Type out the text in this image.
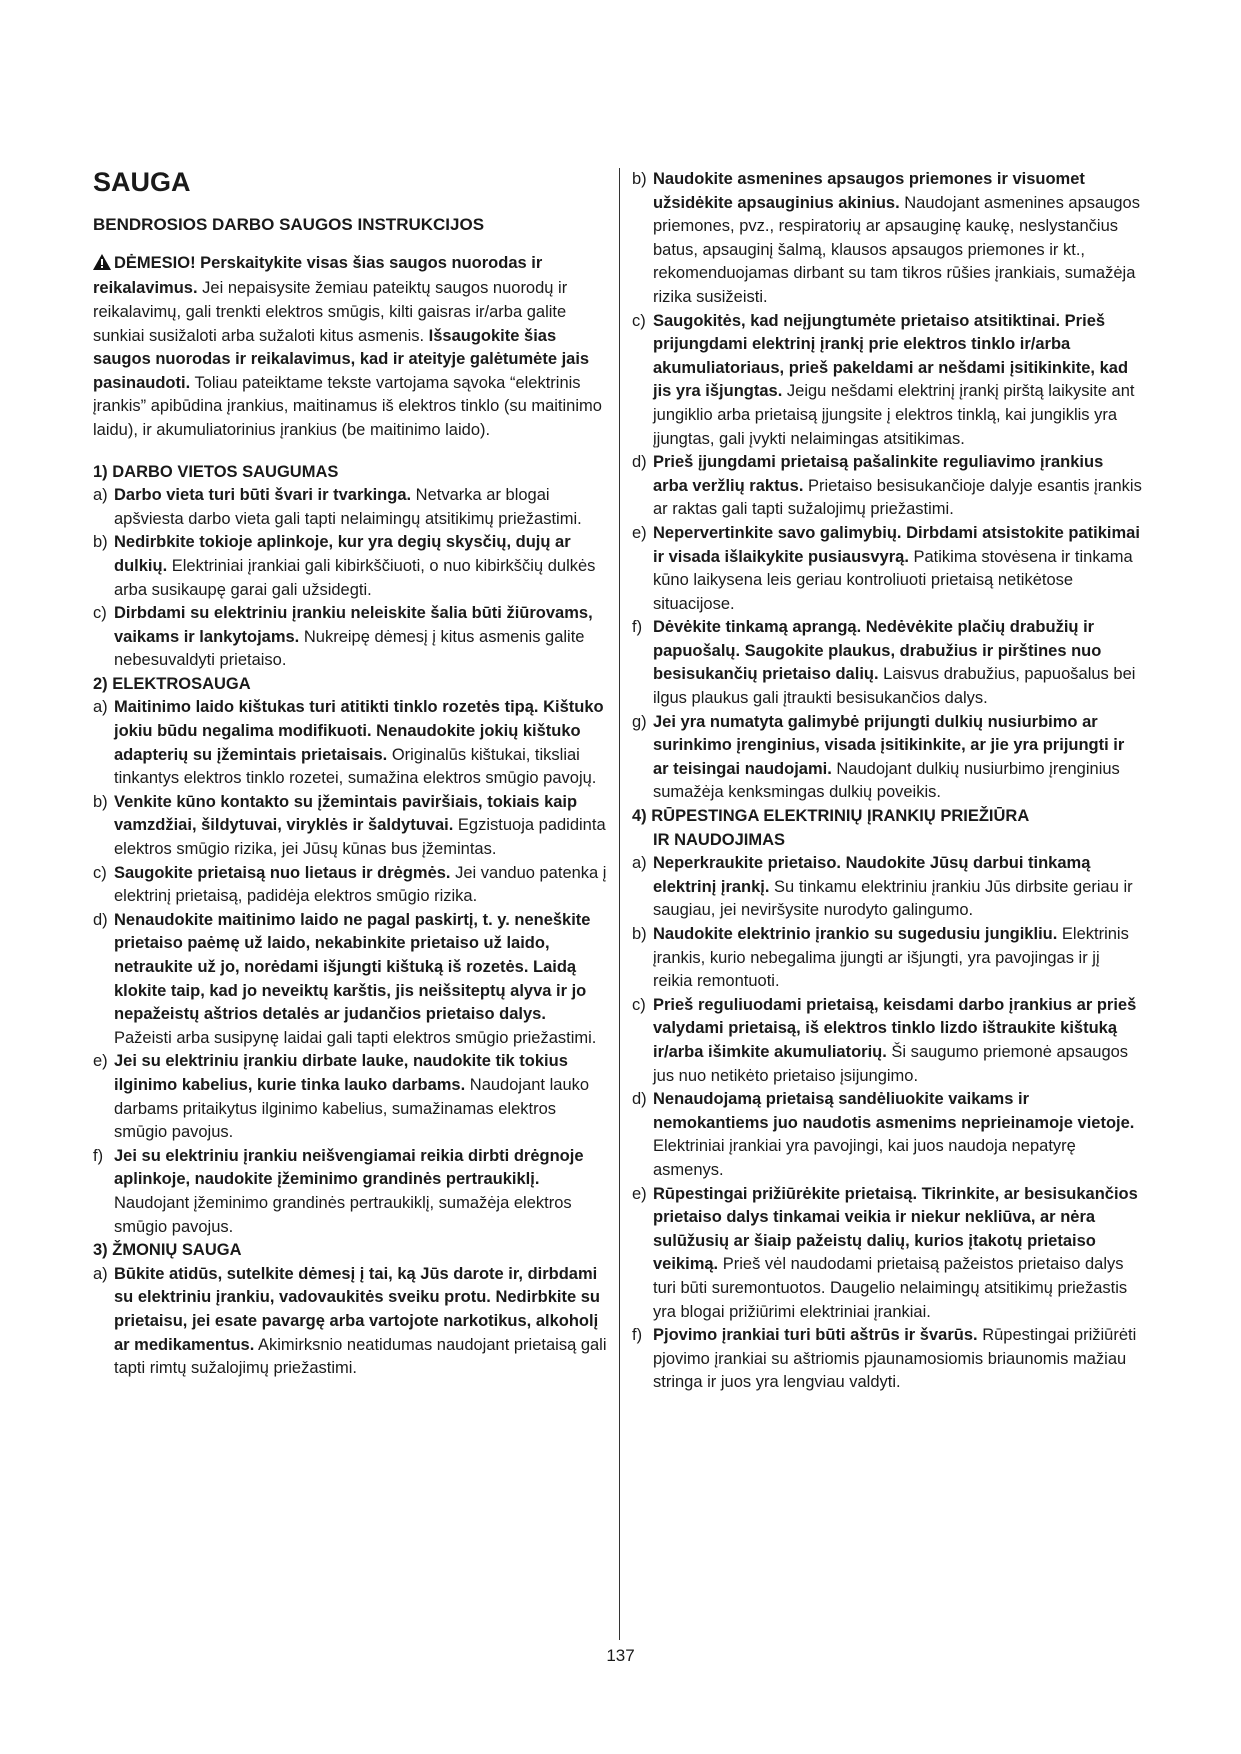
SAUGA
BENDROSIOS DARBO SAUGOS INSTRUKCIJOS

DĖMESIO! Perskaitykite visas šias saugos nuorodas ir reikalavimus. Jei nepaisysite žemiau pateiktų saugos nuorodų ir reikalavimų, gali trenkti elektros smūgis, kilti gaisras ir/arba galite sunkiai susižaloti arba sužaloti kitus asmenis. Išsaugokite šias saugos nuorodas ir reikalavimus, kad ir ateityje galėtumėte jais pasinaudoti. Toliau pateiktame tekste vartojama sąvoka “elektrinis įrankis” apibūdina įrankius, maitinamus iš elektros tinklo (su maitinimo laidu), ir akumuliatorinius įrankius (be maitinimo laido).

1) DARBO VIETOS SAUGUMAS

a) Darbo vieta turi būti švari ir tvarkinga. Netvarka ar blogai apšviesta darbo vieta gali tapti nelaimingų atsitikimų priežastimi.
b) Nedirbkite tokioje aplinkoje, kur yra degių skysčių, dujų ar dulkių. Elektriniai įrankiai gali kibirkščiuoti, o nuo kibirkščių dulkės arba susikaupę garai gali užsidegti.
c) Dirbdami su elektriniu įrankiu neleiskite šalia būti žiūrovams, vaikams ir lankytojams. Nukreipę dėmesį į kitus asmenis galite nebesuvaldyti prietaiso.

2) ELEKTROSAUGA

a) Maitinimo laido kištukas turi atitikti tinklo rozetės tipą. Kištuko jokiu būdu negalima modifikuoti. Nenaudokite jokių kištuko adapterių su įžemintais prietaisais. Originalūs kištukai, tiksliai tinkantys elektros tinklo rozetei, sumažina elektros smūgio pavojų.
b) Venkite kūno kontakto su įžemintais paviršiais, tokiais kaip vamzdžiai, šildytuvai, viryklės ir šaldytuvai. Egzistuoja padidinta elektros smūgio rizika, jei Jūsų kūnas bus įžemintas.
c) Saugokite prietaisą nuo lietaus ir drėgmės. Jei vanduo patenka į elektrinį prietaisą, padidėja elektros smūgio rizika.
d) Nenaudokite maitinimo laido ne pagal paskirtį, t. y. neneškite prietaiso paėmę už laido, nekabinkite prietaiso už laido, netraukite už jo, norėdami išjungti kištuką iš rozetės. Laidą klokite taip, kad jo neveiktų karštis, jis neišsiteptų alyva ir jo nepažeistų aštrios detalės ar judančios prietaiso dalys. Pažeisti arba susipynę laidai gali tapti elektros smūgio priežastimi.
e) Jei su elektriniu įrankiu dirbate lauke, naudokite tik tokius ilginimo kabelius, kurie tinka lauko darbams. Naudojant lauko darbams pritaikytus ilginimo kabelius, sumažinamas elektros smūgio pavojus.
f) Jei su elektriniu įrankiu neišvengiamai reikia dirbti drėgnoje aplinkoje, naudokite įžeminimo grandinės pertraukiklį. Naudojant įžeminimo grandinės pertraukiklį, sumažėja elektros smūgio pavojus.

3) ŽMONIŲ SAUGA

a) Būkite atidūs, sutelkite dėmesį į tai, ką Jūs darote ir, dirbdami su elektriniu įrankiu, vadovaukitės sveiku protu. Nedirbkite su prietaisu, jei esate pavargę arba vartojote narkotikus, alkoholį ar medikamentus. Akimirksnio neatidumas naudojant prietaisą gali tapti rimtų sužalojimų priežastimi.
b) Naudokite asmenines apsaugos priemones ir visuomet užsidėkite apsauginius akinius. Naudojant asmenines apsaugos priemones, pvz., respiratorių ar apsauginę kaukę, neslystančius batus, apsauginį šalmą, klausos apsaugos priemones ir kt., rekomenduojamas dirbant su tam tikros rūšies įrankiais, sumažėja rizika susižeisti.
c) Saugokitės, kad neįjungtumėte prietaiso atsitiktinai. Prieš prijungdami elektrinį įrankį prie elektros tinklo ir/arba akumuliatoriaus, prieš pakeldami ar nešdami įsitikinkite, kad jis yra išjungtas. Jeigu nešdami elektrinį įrankį pirštą laikysite ant jungiklio arba prietaisą įjungsite į elektros tinklą, kai jungiklis yra įjungtas, gali įvykti nelaimingas atsitikimas.
d) Prieš įjungdami prietaisą pašalinkite reguliavimo įrankius arba veržlių raktus. Prietaiso besisukančioje dalyje esantis įrankis ar raktas gali tapti sužalojimų priežastimi.
e) Nepervertinkite savo galimybių. Dirbdami atsistokite patikimai ir visada išlaikykite pusiausvyrą. Patikima stovėsena ir tinkama kūno laikysena leis geriau kontroliuoti prietaisą netikėtose situacijose.
f) Dėvėkite tinkamą aprangą. Nedėvėkite plačių drabužių ir papuošalų. Saugokite plaukus, drabužius ir pirštines nuo besisukančių prietaiso dalių. Laisvus drabužius, papuošalus bei ilgus plaukus gali įtraukti besisukančios dalys.
g) Jei yra numatyta galimybė prijungti dulkių nusiurbimo ar surinkimo įrenginius, visada įsitikinkite, ar jie yra prijungti ir ar teisingai naudojami. Naudojant dulkių nusiurbimo įrenginius sumažėja kenksmingas dulkių poveikis.

4) RŪPESTINGA ELEKTRINIŲ ĮRANKIŲ PRIEŽIŪRA

IR NAUDOJIMAS

a) Neperkraukite prietaiso. Naudokite Jūsų darbui tinkamą elektrinį įrankį. Su tinkamu elektriniu įrankiu Jūs dirbsite geriau ir saugiau, jei neviršysite nurodyto galingumo.
b) Naudokite elektrinio įrankio su sugedusiu jungikliu. Elektrinis įrankis, kurio nebegalima įjungti ar išjungti, yra pavojingas ir jį reikia remontuoti.
c) Prieš reguliuodami prietaisą, keisdami darbo įrankius ar prieš valydami prietaisą, iš elektros tinklo lizdo ištraukite kištuką ir/arba išimkite akumuliatorių. Ši saugumo priemonė apsaugos jus nuo netikėto prietaiso įsijungimo.
d) Nenaudojamą prietaisą sandėliuokite vaikams ir nemokantiems juo naudotis asmenims neprieinamoje vietoje. Elektriniai įrankiai yra pavojingi, kai juos naudoja nepatyrę asmenys.
e) Rūpestingai prižiūrėkite prietaisą. Tikrinkite, ar besisukančios prietaiso dalys tinkamai veikia ir niekur nekliūva, ar nėra sulūžusių ar šiaip pažeistų dalių, kurios įtakotų prietaiso veikimą. Prieš vėl naudodami prietaisą pažeistos prietaiso dalys turi būti suremontuotos. Daugelio nelaimingų atsitikimų priežastis yra blogai prižiūrimi elektriniai įrankiai.
f) Pjovimo įrankiai turi būti aštrūs ir švarūs. Rūpestingai prižiūrėti pjovimo įrankiai su aštriomis pjaunamosiomis briaunomis mažiau stringa ir juos yra lengviau valdyti.
137
